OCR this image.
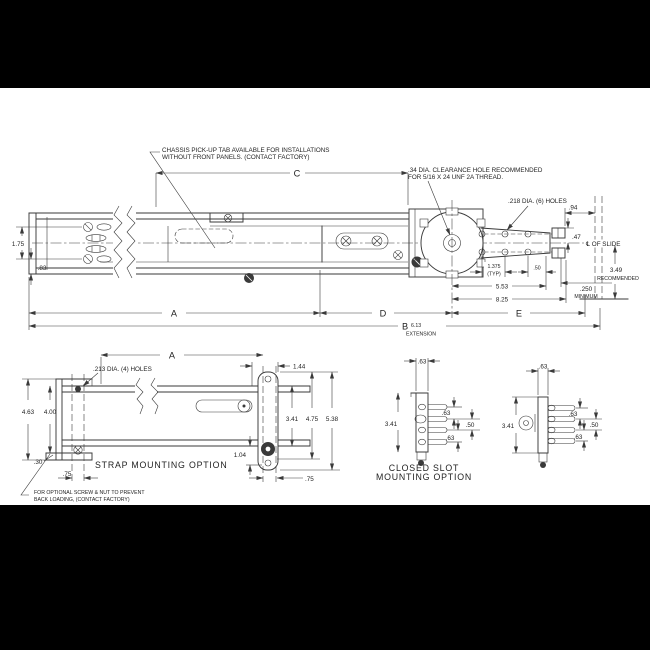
CHASSIS PICK-UP TAB AVAILABLE FOR INSTALLATIONS
WITHOUT FRONT PANELS. (CONTACT FACTORY)
C	.34 DIA. CLEARANCE HOLE RECOMMENDED
FOR 5/16 X 24 UNF 2A THREAD.
.218 DIA. (6) HOLES
.94
.47
℄ OF SLIDE
3.49
RECOMMENDED
.250
MINIMUM
1.375
(TYP)
.50
5.53
8.25
1.75
.83
A	D	E
B 6.13
EXTENSION
A
.213 DIA. (4) HOLES	1.44
4.63 4.00
3.41 4.75 5.38
1.04
.30
.75
.75
STRAP MOUNTING OPTION
FOR OPTIONAL SCREW & NUT TO PREVENT
BACK LOADING, (CONTACT FACTORY)
.63
3.41
.63
.50
.63
CLOSED SLOT
MOUNTING OPTION
.63
3.41
.63
.50
.63
